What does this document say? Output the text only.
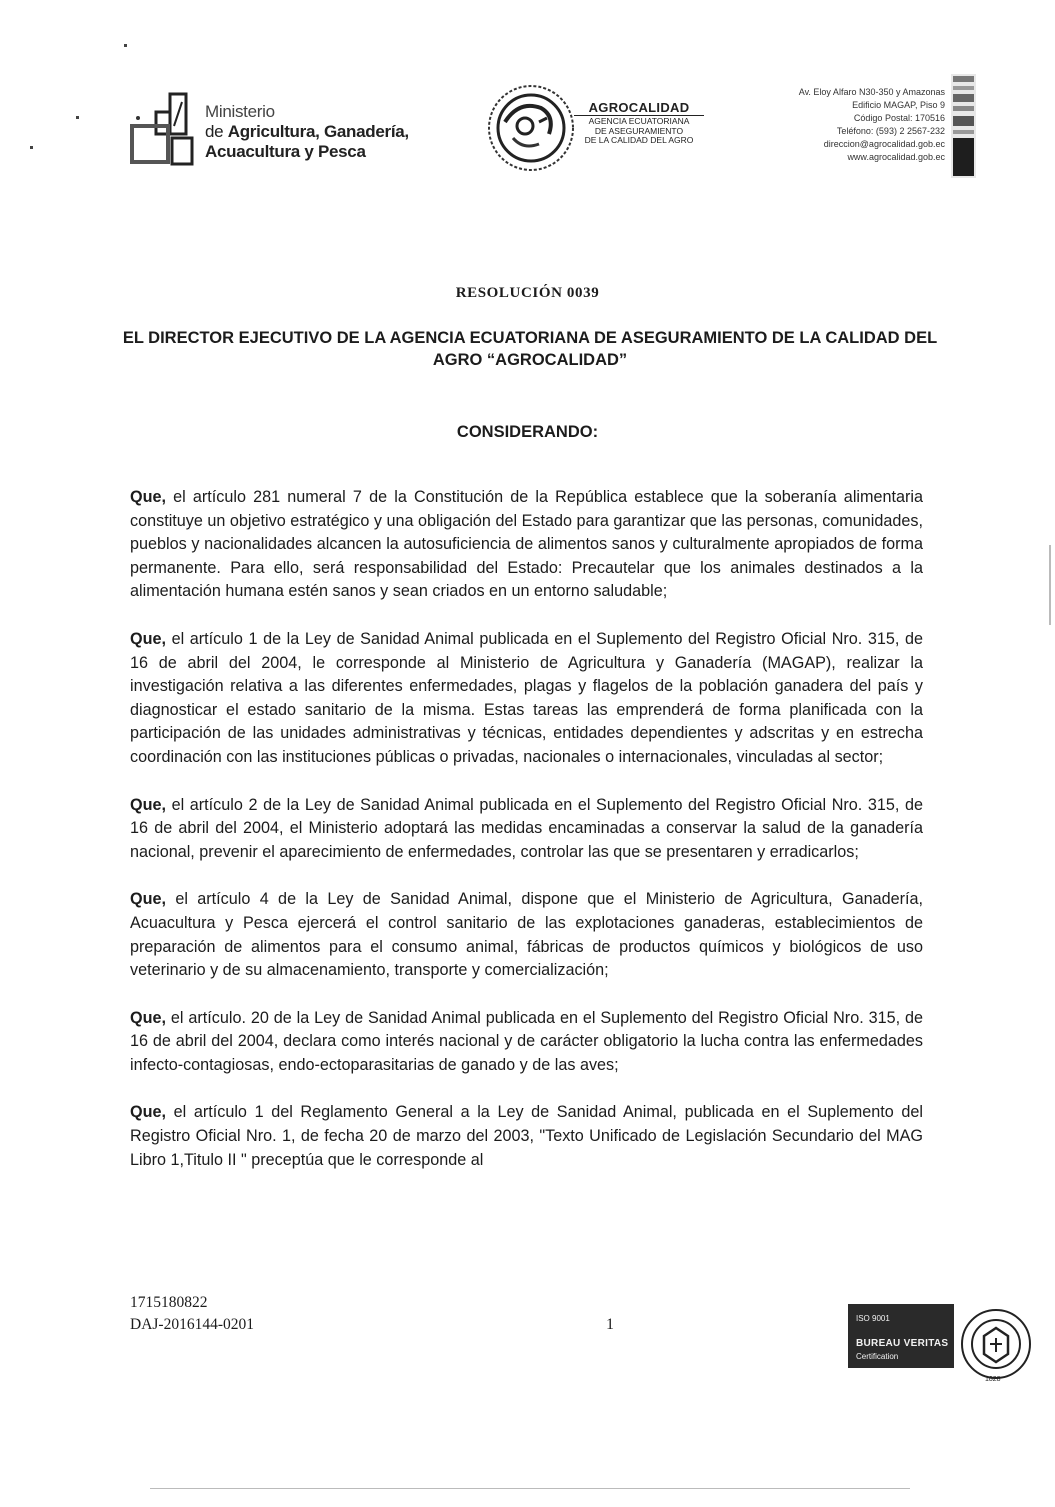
Ministerio
de Agricultura, Ganadería,
Acuacultura y Pesca
AGROCALIDAD
AGENCIA ECUATORIANA
DE ASEGURAMIENTO
DE LA CALIDAD DEL AGRO
Av. Eloy Alfaro N30-350 y Amazonas
Edificio MAGAP, Piso 9
Código Postal: 170516
Teléfono: (593) 2 2567-232
direccion@agrocalidad.gob.ec
www.agrocalidad.gob.ec
RESOLUCIÓN 0039
EL DIRECTOR EJECUTIVO DE LA AGENCIA ECUATORIANA DE ASEGURAMIENTO DE LA CALIDAD DEL AGRO “AGROCALIDAD”
CONSIDERANDO:

Que, el artículo 281 numeral 7 de la Constitución de la República establece que la soberanía alimentaria constituye un objetivo estratégico y una obligación del Estado para garantizar que las personas, comunidades, pueblos y nacionalidades alcancen la autosuficiencia de alimentos sanos y culturalmente apropiados de forma permanente. Para ello, será responsabilidad del Estado: Precautelar que los animales destinados a la alimentación humana estén sanos y sean criados en un entorno saludable;

Que, el artículo 1 de la Ley de Sanidad Animal publicada en el Suplemento del Registro Oficial Nro. 315, de 16 de abril del 2004, le corresponde al Ministerio de Agricultura y Ganadería (MAGAP), realizar la investigación relativa a las diferentes enfermedades, plagas y flagelos de la población ganadera del país y diagnosticar el estado sanitario de la misma. Estas tareas las emprenderá de forma planificada con la participación de las unidades administrativas y técnicas, entidades dependientes y adscritas y en estrecha coordinación con las instituciones públicas o privadas, nacionales o internacionales, vinculadas al sector;

Que, el artículo 2 de la Ley de Sanidad Animal publicada en el Suplemento del Registro Oficial Nro. 315, de 16 de abril del 2004, el Ministerio adoptará las medidas encaminadas a conservar la salud de la ganadería nacional, prevenir el aparecimiento de enfermedades, controlar las que se presentaren y erradicarlos;

Que, el artículo 4 de la Ley de Sanidad Animal, dispone que el Ministerio de Agricultura, Ganadería, Acuacultura y Pesca ejercerá el control sanitario de las explotaciones ganaderas, establecimientos de preparación de alimentos para el consumo animal, fábricas de productos químicos y biológicos de uso veterinario y de su almacenamiento, transporte y comercialización;

Que, el artículo. 20 de la Ley de Sanidad Animal publicada en el Suplemento del Registro Oficial Nro. 315, de 16 de abril del 2004, declara como interés nacional y de carácter obligatorio la lucha contra las enfermedades infecto-contagiosas, endo-ectoparasitarias de ganado y de las aves;

Que, el artículo 1 del Reglamento General a la Ley de Sanidad Animal, publicada en el Suplemento del Registro Oficial Nro. 1, de fecha 20 de marzo del 2003, "Texto Unificado de Legislación Secundario del MAG Libro 1,Titulo II " preceptúa que le corresponde al

1715180822
DAJ-2016144-0201	1	ISO 9001
BUREAU VERITAS
Certification
1828
